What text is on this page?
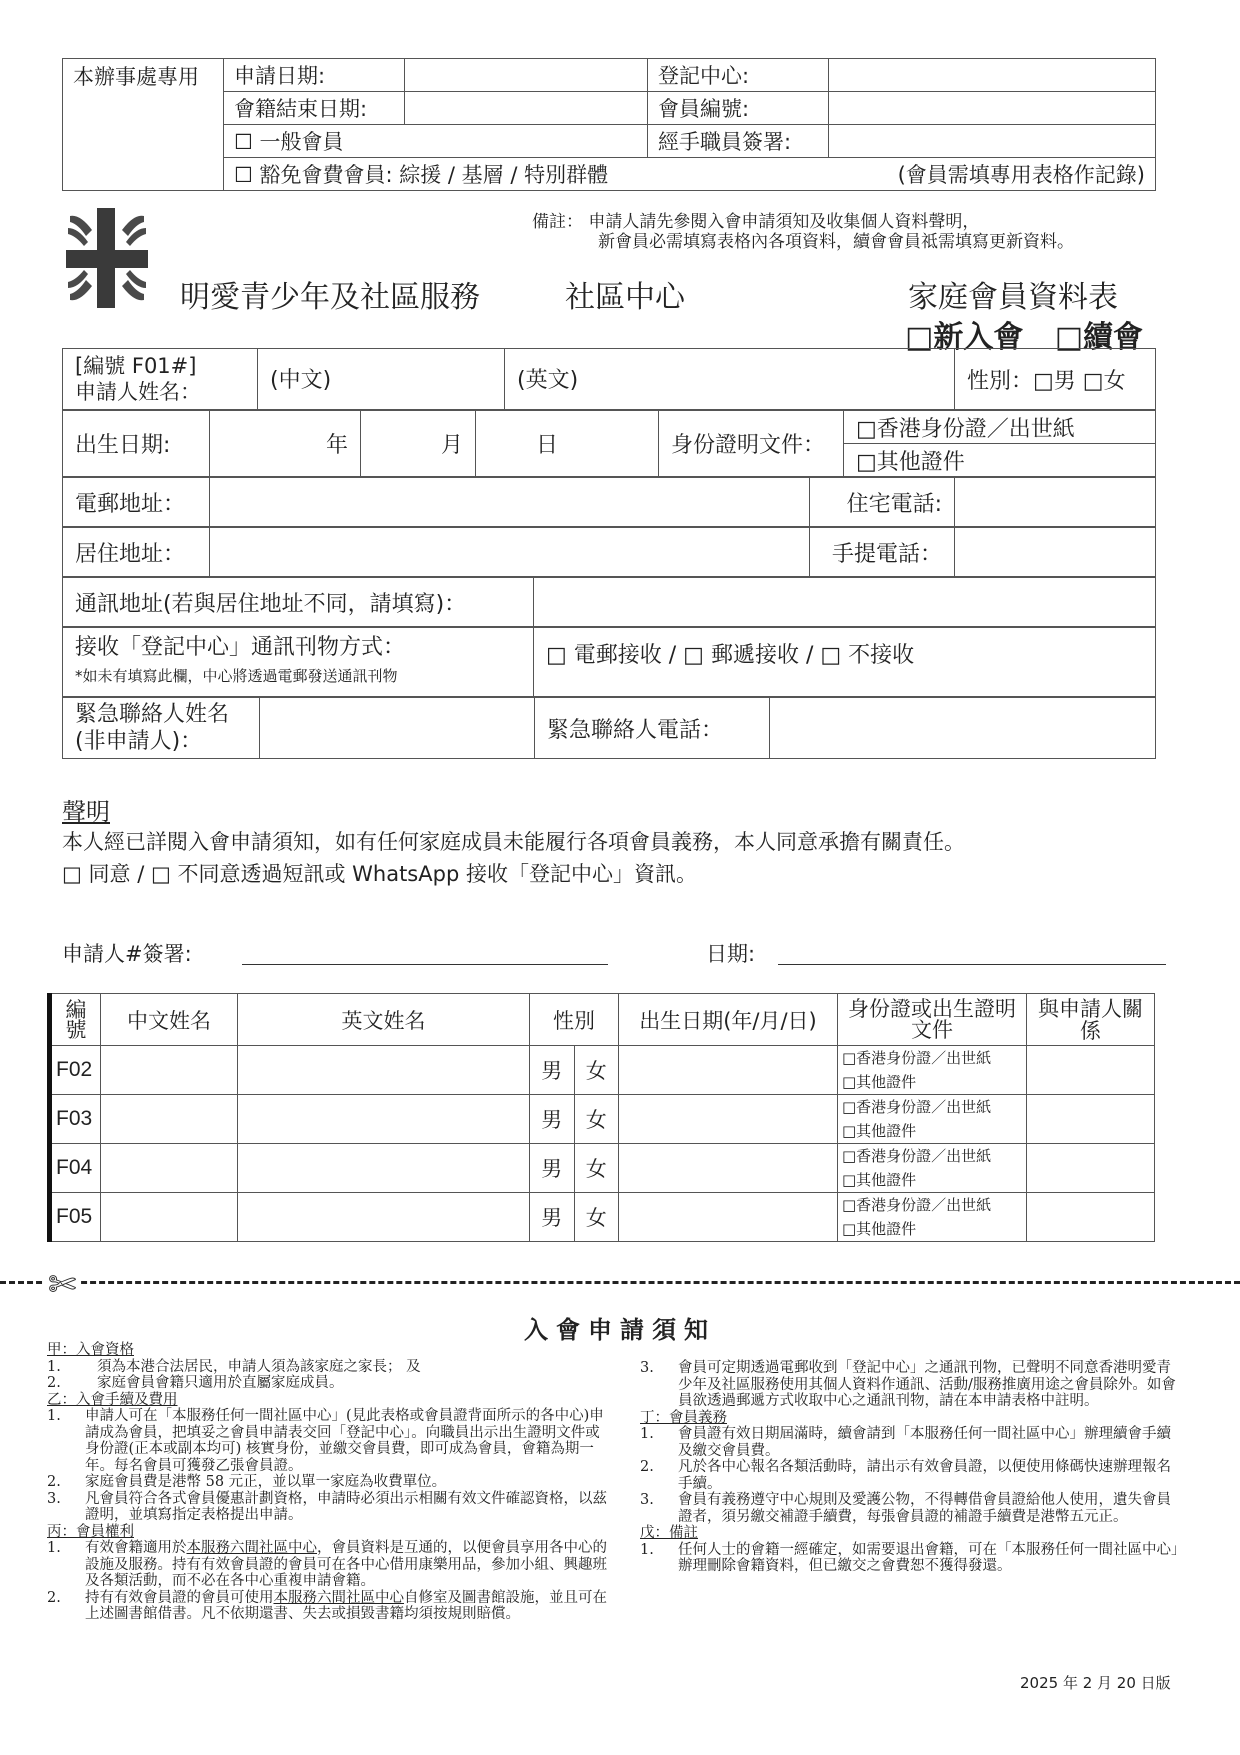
本辦事處專用	申請日期:		登記中心:	
	會籍結束日期:		會員編號:	
	☐ 一般會員		經手職員簽署:	
	☐ 豁免會費會員: 綜援 / 基層 / 特別群體 (會員需填專用表格作記錄)			
備註： 申請人請先參閱入會申請須知及收集個人資料聲明，
新會員必需填寫表格內各項資料，續會會員祗需填寫更新資料。
明愛青少年及社區服務	社區中心	家庭會員資料表
□新入會 □續會
[編號 F01#]
申請人姓名：	(中文)	(英文)	性別：□男 □女
出生日期:	年	月	日	身份證明文件：	□香港身份證／出世紙
□其他證件
電郵地址：		住宅電話:	
居住地址：		手提電話：	
通訊地址(若與居住地址不同，請填寫)：	
接收「登記中心」通訊刊物方式：
*如未有填寫此欄，中心將透過電郵發送通訊刊物
	□ 電郵接收 / □ 郵遞接收 / □ 不接收
緊急聯絡人姓名
(非申請人)：		緊急聯絡人電話：	
聲明
本人經已詳閱入會申請須知，如有任何家庭成員未能履行各項會員義務，本人同意承擔有關責任。
□ 同意 / □ 不同意透過短訊或 WhatsApp 接收「登記中心」資訊。
申請人#簽署:	日期:
編號	中文姓名	英文姓名	性別		出生日期(年/月/日)	身份證或出生證明文件	與申請人關係
F02			男	女		□香港身份證／出世紙
□其他證件	

F03			男	女		□香港身份證／出世紙
□其他證件	

F04			男	女		□香港身份證／出世紙
□其他證件	

F05			男	女		□香港身份證／出世紙
□其他證件	

✄
入會申請須知
甲：入會資格
1.	須為本港合法居民，申請人須為該家庭之家長； 及
2.	家庭會員會籍只適用於直屬家庭成員。
乙：入會手續及費用
1.	申請人可在「本服務任何一間社區中心」(見此表格或會員證背面所示的各中心)申請成為會員，把填妥之會員申請表交回「登記中心」。向職員出示出生證明文件或身份證(正本或副本均可) 核實身份，並繳交會員費，即可成為會員，會籍為期一年。每名會員可獲發乙張會員證。
2.	家庭會員費是港幣 58 元正，並以單一家庭為收費單位。
3.	凡會員符合各式會員優惠計劃資格，申請時必須出示相關有效文件確認資格，以茲證明，並填寫指定表格提出申請。
丙：會員權利
1.	有效會籍適用於本服務六間社區中心，會員資料是互通的，以便會員享用各中心的設施及服務。持有有效會員證的會員可在各中心借用康樂用品，參加小組、興趣班及各類活動，而不必在各中心重複申請會籍。
2.	持有有效會員證的會員可使用本服務六間社區中心自修室及圖書館設施，並且可在上述圖書館借書。凡不依期還書、失去或損毀書籍均須按規則賠償。
3.	會員可定期透過電郵收到「登記中心」之通訊刊物，已聲明不同意香港明愛青少年及社區服務使用其個人資料作通訊、活動/服務推廣用途之會員除外。如會員欲透過郵遞方式收取中心之通訊刊物，請在本申請表格中註明。
丁：會員義務
1.	會員證有效日期屆滿時，續會請到「本服務任何一間社區中心」辦理續會手續及繳交會員費。
2.	凡於各中心報名各類活動時，請出示有效會員證，以便使用條碼快速辦理報名手續。
3.	會員有義務遵守中心規則及愛護公物，不得轉借會員證給他人使用，遺失會員證者，須另繳交補證手續費，每張會員證的補證手續費是港幣五元正。
戊：備註
1.	任何人士的會籍一經確定，如需要退出會籍，可在「本服務任何一間社區中心」辦理刪除會籍資料，但已繳交之會費恕不獲得發還。
2025 年 2 月 20 日版
